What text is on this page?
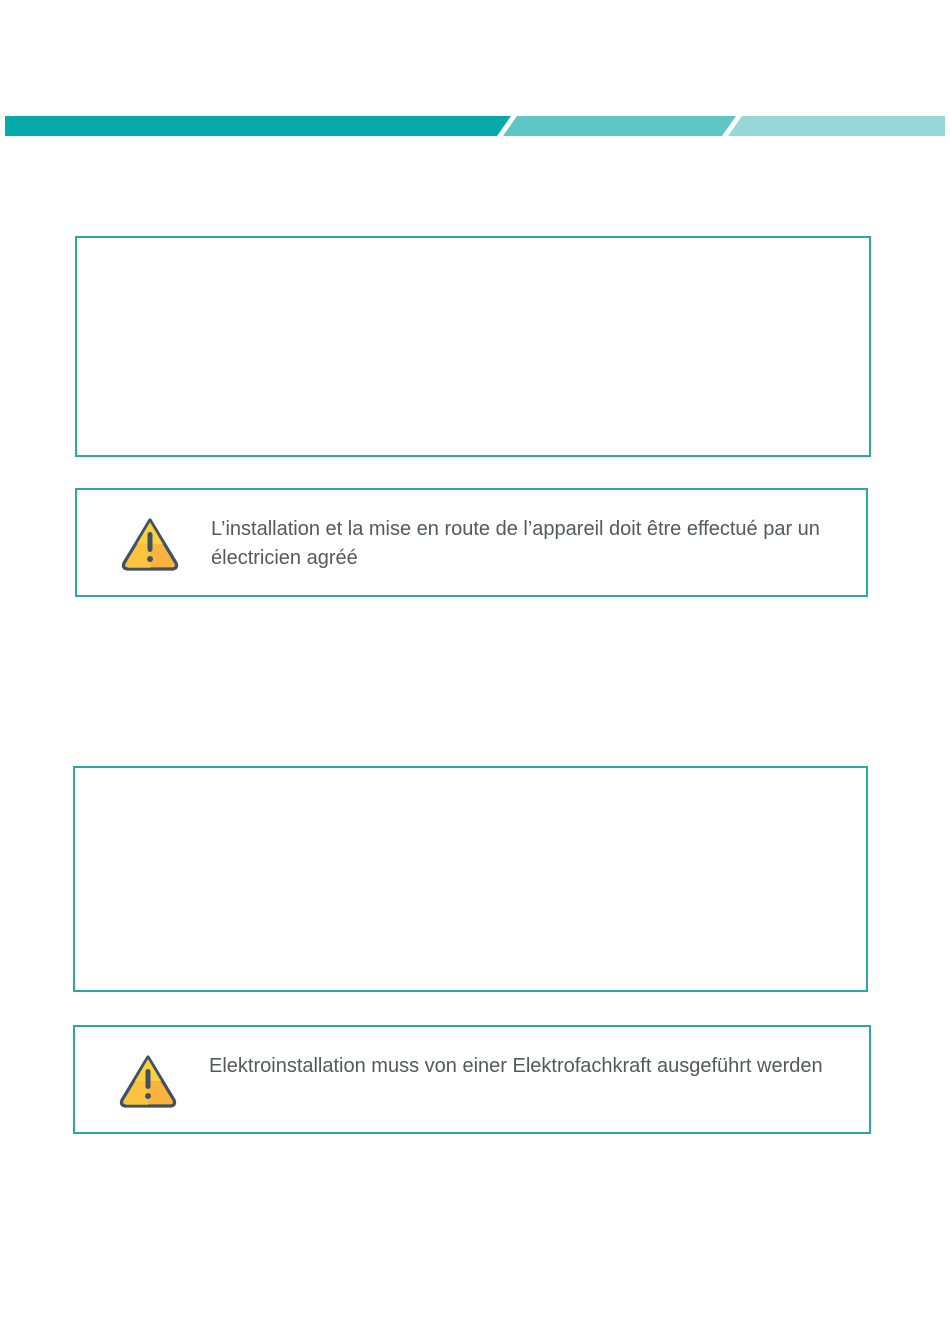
L’installation et la mise en route de l’appareil doit être effectué par un électricien agréé
Elektroinstallation muss von einer Elektrofachkraft ausgeführt werden
